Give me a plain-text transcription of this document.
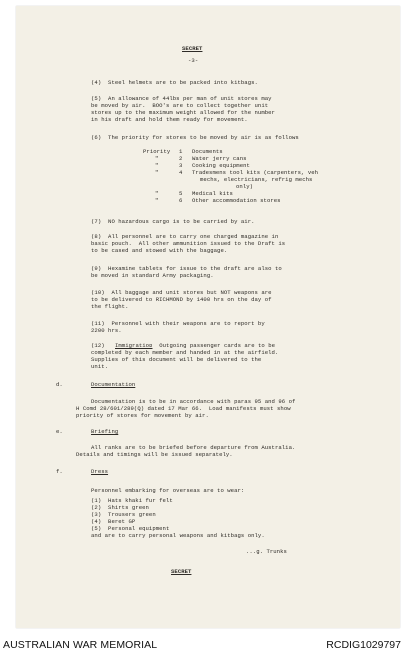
SECRET
-3-
(4)  Steel helmets are to be packed into kitbags.
(5)  An allowance of 44lbs per man of unit stores may
be moved by air.  BOO's are to collect together unit
stores up to the maximum weight allowed for the number
in his draft and hold them ready for movement.
(6)  The priority for stores to be moved by air is as follows
Priority 1 Documents
"	2 Water jerry cans
"	3 Cooking equipment
"	4 Tradesmens tool kits (carpenters, veh
mechs, electricians, refrig mechs
only)
"	5 Medical kits
"	6 Other accommodation stores
(7)  NO hazardous cargo is to be carried by air.
(8)  All personnel are to carry one charged magazine in
basic pouch.  All other ammunition issued to the Draft is
to be cased and stowed with the baggage.
(9)  Hexamine tablets for issue to the draft are also to
be moved in standard Army packaging.
(10)  All baggage and unit stores but NOT weapons are
to be delivered to RICHMOND by 1400 hrs on the day of
the flight.
(11)  Personnel with their weapons are to report by
2200 hrs.
(12) Immigration
.  Outgoing passenger cards are to be
completed by each member and handed in at the airfield.
Supplies of this document will be delivered to the
unit.
d.	Documentation
Documentation is to be in accordance with paras 95 and 96 of
H Comd 28/601/289(Q) dated 17 Mar 66.  Load manifests must show
priority of stores for movement by air.
e.	Briefing
All ranks are to be briefed before departure from Australia.
Details and timings will be issued separately.
f.	Dress
Personnel embarking for overseas are to wear:
(1)  Hats khaki fur felt
(2)  Shirts green
(3)  Trousers green
(4)  Beret GP
(5)  Personal equipment
and are to carry personal weapons and kitbags only.
...g. Trunks
SECRET
AUSTRALIAN WAR MEMORIAL	RCDIG1029797
